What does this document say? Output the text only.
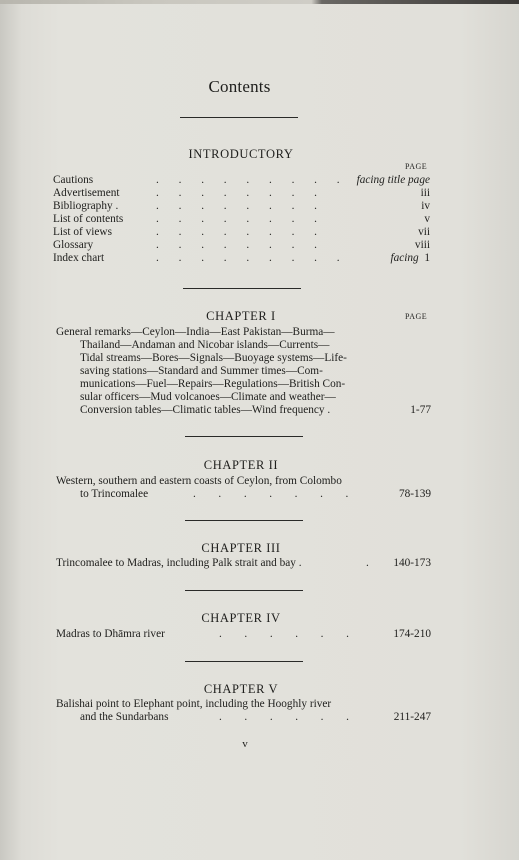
Contents
INTRODUCTORY
PAGE
Cautions	.       .       .       .       .       .       .       .       .	facing title page
Advertisement	.       .       .       .       .       .       .       .	iii
Bibliography .	.       .       .       .       .       .       .       .	iv
List of contents	.       .       .       .       .       .       .       .	v
List of views	.       .       .       .       .       .       .       .	vii
Glossary	.       .       .       .       .       .       .       .	viii
Index chart	.       .       .       .       .       .       .       .       .	facing 1
CHAPTER I	PAGE
General remarks—Ceylon—India—East Pakistan—Burma—
Thailand—Andaman and Nicobar islands—Currents—
Tidal streams—Bores—Signals—Buoyage systems—Life-
saving stations—Standard and Summer times—Com-
munications—Fuel—Repairs—Regulations—British Con-
sular officers—Mud volcanoes—Climate and weather—
Conversion tables—Climatic tables—Wind frequency .	1-77
CHAPTER II
Western, southern and eastern coasts of Ceylon, from Colombo
to Trincomalee	.        .        .        .        .        .        .	78-139
CHAPTER III
Trincomalee to Madras, including Palk strait and bay .	.	140-173
CHAPTER IV
Madras to Dhāmra river	.        .        .        .        .        .	174-210
CHAPTER V
Balishai point to Elephant point, including the Hooghly river
and the Sundarbans	.        .        .        .        .        .	211-247
v
